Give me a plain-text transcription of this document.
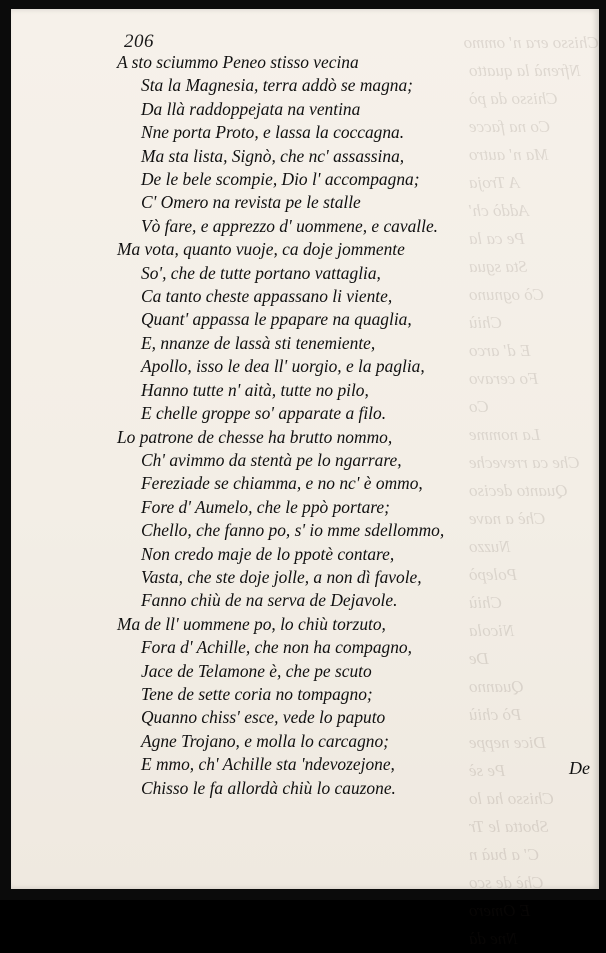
Chisso era n' ommo
Nfrenà la quatto
Chisso da pò
Co na facce
Ma n' autro
A Troja
Addò ch'
Pe ca la
Sta sgua
Cò ognuno
Chiù
E d' arco
Fo ceravo
Co
La nomme
Che ca rreveche
Quanto deciso
Chè a nave
Nuzzo
Polepò
Chiù
Nicola
De
Quanno
Pò chiù
Dice neppe
Pe sè
Chisso ha lo
Sbotta le Tr
C' a buà n
Chè de sco
E Omero
Nne dà
206
A sto sciummo Peneo stisso vecina
Sta la Magnesia, terra addò se magna;
Da llà raddoppejata na ventina
Nne porta Proto, e lassa la coccagna.
Ma sta lista, Signò, che nc' assassina,
De le bele scompie, Dio l' accompagna;
C' Omero na revista pe le stalle
Vò fare, e apprezzo d' uommene, e cavalle.
Ma vota, quanto vuoje, ca doje jommente
So', che de tutte portano vattaglia,
Ca tanto cheste appassano li viente,
Quant' appassa le ppapare na quaglia,
E, nnanze de lassà sti tenemiente,
Apollo, isso le dea ll' uorgio, e la paglia,
Hanno tutte n' aità, tutte no pilo,
E chelle groppe so' apparate a filo.
Lo patrone de chesse ha brutto nommo,
Ch' avimmo da stentà pe lo ngarrare,
Fereziade se chiamma, e no nc' è ommo,
Fore d' Aumelo, che le ppò portare;
Chello, che fanno po, s' io mme sdellommo,
Non credo maje de lo ppotè contare,
Vasta, che ste doje jolle, a non dì favole,
Fanno chiù de na serva de Dejavole.
Ma de ll' uommene po, lo chiù torzuto,
Fora d' Achille, che non ha compagno,
Jace de Telamone è, che pe scuto
Tene de sette coria no tompagno;
Quanno chiss' esce, vede lo paputo
Agne Trojano, e molla lo carcagno;
E mmo, ch' Achille sta 'ndevozejone,
Chisso le fa allordà chiù lo cauzone.
De
